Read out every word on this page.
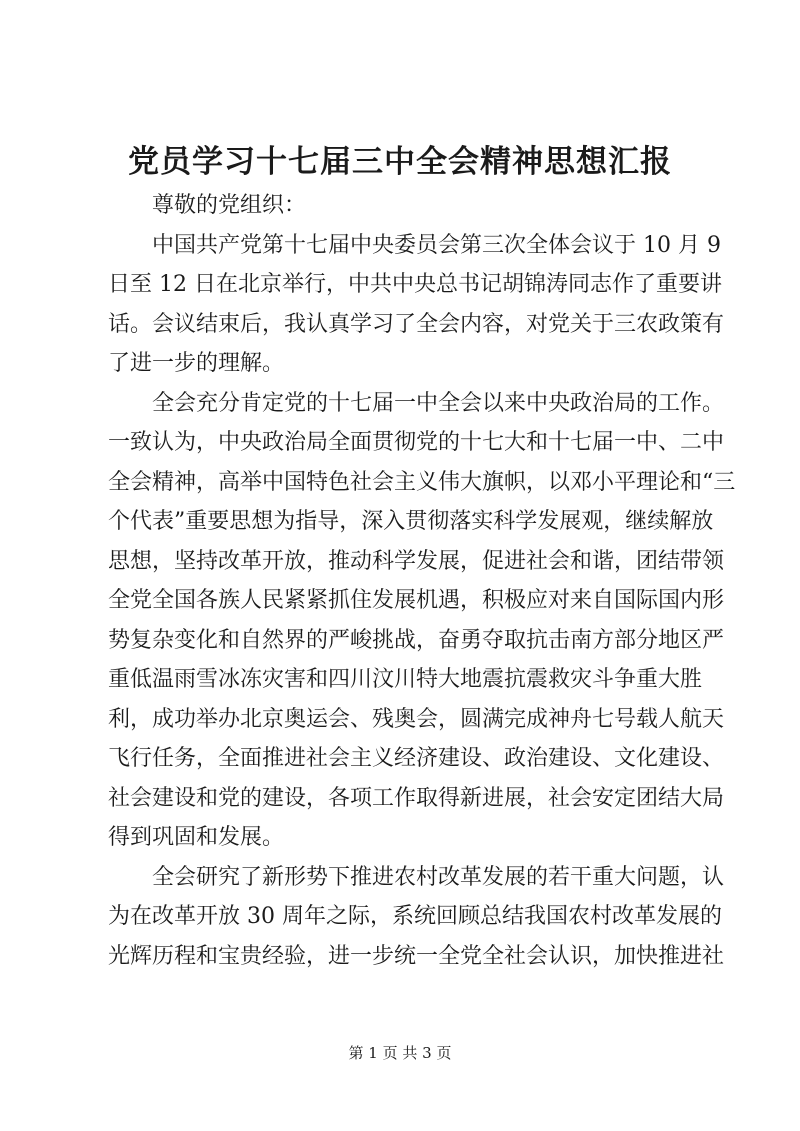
党员学习十七届三中全会精神思想汇报
尊敬的党组织：
中国共产党第十七届中央委员会第三次全体会议于 10 月 9
日至 12 日在北京举行，中共中央总书记胡锦涛同志作了重要讲
话。会议结束后，我认真学习了全会内容，对党关于三农政策有
了进一步的理解。
全会充分肯定党的十七届一中全会以来中央政治局的工作。
一致认为，中央政治局全面贯彻党的十七大和十七届一中、二中
全会精神，高举中国特色社会主义伟大旗帜，以邓小平理论和“三
个代表”重要思想为指导，深入贯彻落实科学发展观，继续解放
思想，坚持改革开放，推动科学发展，促进社会和谐，团结带领
全党全国各族人民紧紧抓住发展机遇，积极应对来自国际国内形
势复杂变化和自然界的严峻挑战，奋勇夺取抗击南方部分地区严
重低温雨雪冰冻灾害和四川汶川特大地震抗震救灾斗争重大胜
利，成功举办北京奥运会、残奥会，圆满完成神舟七号载人航天
飞行任务，全面推进社会主义经济建设、政治建设、文化建设、
社会建设和党的建设，各项工作取得新进展，社会安定团结大局
得到巩固和发展。
全会研究了新形势下推进农村改革发展的若干重大问题，认
为在改革开放 30 周年之际，系统回顾总结我国农村改革发展的
光辉历程和宝贵经验，进一步统一全党全社会认识，加快推进社
第 1 页 共 3 页
